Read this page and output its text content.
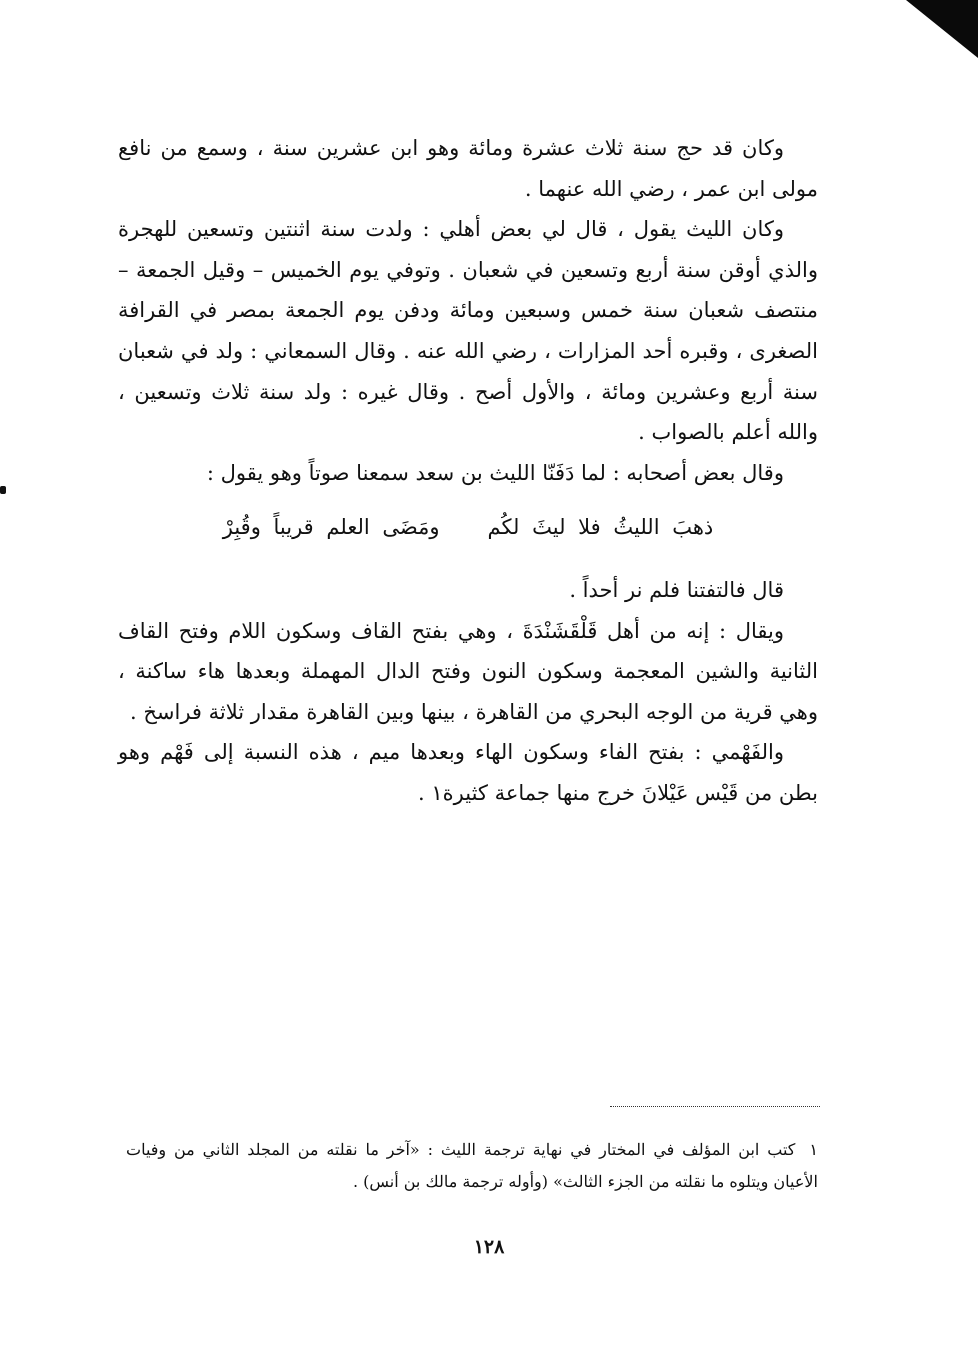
وكان قد حج سنة ثلاث عشرة ومائة وهو ابن عشرين سنة ، وسمع من نافع مولى ابن عمر ، رضي الله عنهما .

وكان الليث يقول ، قال لي بعض أهلي : ولدت سنة اثنتين وتسعين للهجرة والذي أوقن سنة أربع وتسعين في شعبان . وتوفي يوم الخميس – وقيل الجمعة – منتصف شعبان سنة خمس وسبعين ومائة ودفن يوم الجمعة بمصر في القرافة الصغرى ، وقبره أحد المزارات ، رضي الله عنه . وقال السمعاني : ولد في شعبان سنة أربع وعشرين ومائة ، والأول أصح . وقال غيره : ولد سنة ثلاث وتسعين ، والله أعلم بالصواب .

وقال بعض أصحابه : لما دَفَنّا الليث بن سعد سمعنا صوتاً وهو يقول :

ذهبَ الليثُ فلا ليثَ لكُمومَضَى العلم قريباً وقُبِرْ

قال فالتفتنا فلم نر أحداً .

ويقال : إنه من أهل قَلْقَشَنْدَةَ ، وهي بفتح القاف وسكون اللام وفتح القاف الثانية والشين المعجمة وسكون النون وفتح الدال المهملة وبعدها هاء ساكنة ، وهي قرية من الوجه البحري من القاهرة ، بينها وبين القاهرة مقدار ثلاثة فراسخ .

والفَهْمي : بفتح الفاء وسكون الهاء وبعدها ميم ، هذه النسبة إلى فَهْم وهو بطن من قَيْس عَيْلانَ خرج منها جماعة كثيرة١ .

١كتب ابن المؤلف في المختار في نهاية ترجمة الليث : «آخر ما نقلته من المجلد الثاني من وفيات الأعيان ويتلوه ما نقلته من الجزء الثالث» (وأوله ترجمة مالك بن أنس) .

١٢٨
